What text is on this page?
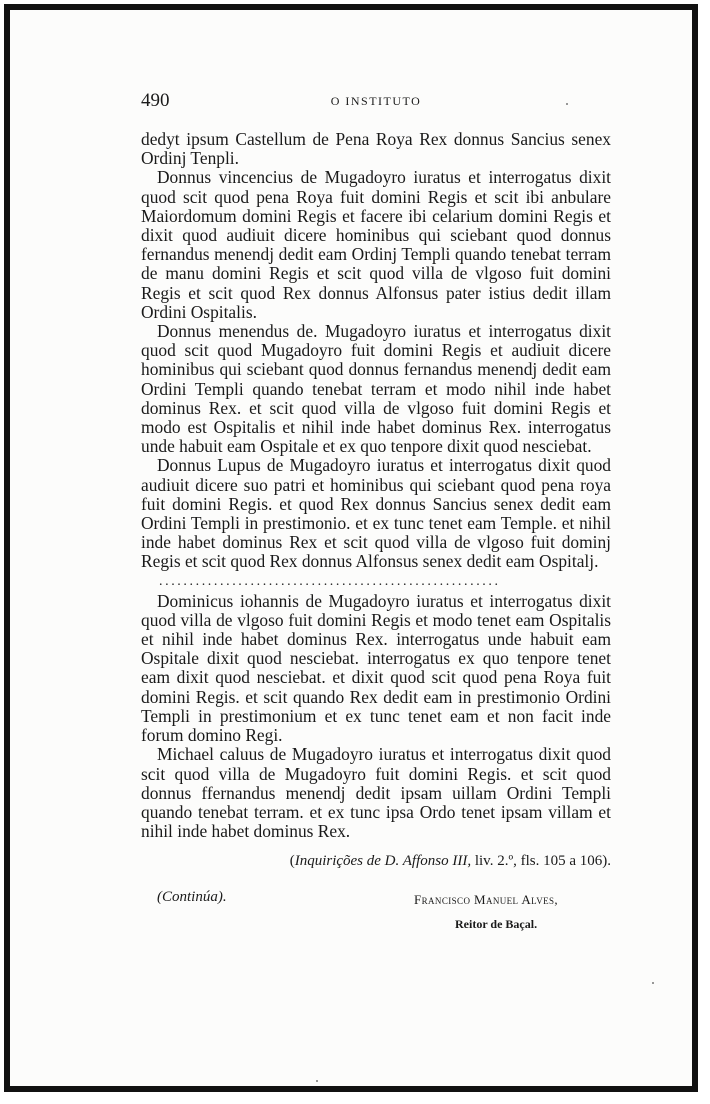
490	O INSTITUTO

dedyt ipsum Castellum de Pena Roya Rex donnus Sancius senex Ordinj Tenpli.

Donnus vincencius de Mugadoyro iuratus et interrogatus dixit quod scit quod pena Roya fuit domini Regis et scit ibi anbulare Maiordomum domini Regis et facere ibi celarium domini Regis et dixit quod audiuit dicere hominibus qui sciebant quod donnus fernandus menendj dedit eam Ordinj Templi quando tenebat terram de manu domini Regis et scit quod villa de vlgoso fuit domini Regis et scit quod Rex donnus Alfonsus pater istius dedit illam Ordini Ospitalis.

Donnus menendus de. Mugadoyro iuratus et interrogatus dixit quod scit quod Mugadoyro fuit domini Regis et audiuit dicere hominibus qui sciebant quod donnus fernandus menendj dedit eam Ordini Templi quando tenebat terram et modo nihil inde habet dominus Rex. et scit quod villa de vlgoso fuit domini Regis et modo est Ospitalis et nihil inde habet dominus Rex. interrogatus unde habuit eam Ospitale et ex quo tenpore dixit quod nesciebat.

Donnus Lupus de Mugadoyro iuratus et interrogatus dixit quod audiuit dicere suo patri et hominibus qui sciebant quod pena roya fuit domini Regis. et quod Rex donnus Sancius senex dedit eam Ordini Templi in prestimonio. et ex tunc tenet eam Temple. et nihil inde habet dominus Rex et scit quod villa de vlgoso fuit dominj Regis et scit quod Rex donnus Alfonsus senex dedit eam Ospitalj.

........................................................

Dominicus iohannis de Mugadoyro iuratus et interrogatus dixit quod villa de vlgoso fuit domini Regis et modo tenet eam Ospitalis et nihil inde habet dominus Rex. interrogatus unde habuit eam Ospitale dixit quod nesciebat. interrogatus ex quo tenpore tenet eam dixit quod nesciebat. et dixit quod scit quod pena Roya fuit domini Regis. et scit quando Rex dedit eam in prestimonio Ordini Templi in prestimonium et ex tunc tenet eam et non facit inde forum domino Regi.

Michael caluus de Mugadoyro iuratus et interrogatus dixit quod scit quod villa de Mugadoyro fuit domini Regis. et scit quod donnus ffernandus menendj dedit ipsam uillam Ordini Templi quando tenebat terram. et ex tunc ipsa Ordo tenet ipsam villam et nihil inde habet dominus Rex.

(Inquirições de D. Affonso III, liv. 2.º, fls. 105 a 106).
(Continúa).	Francisco Manuel Alves,
Reitor de Baçal.
